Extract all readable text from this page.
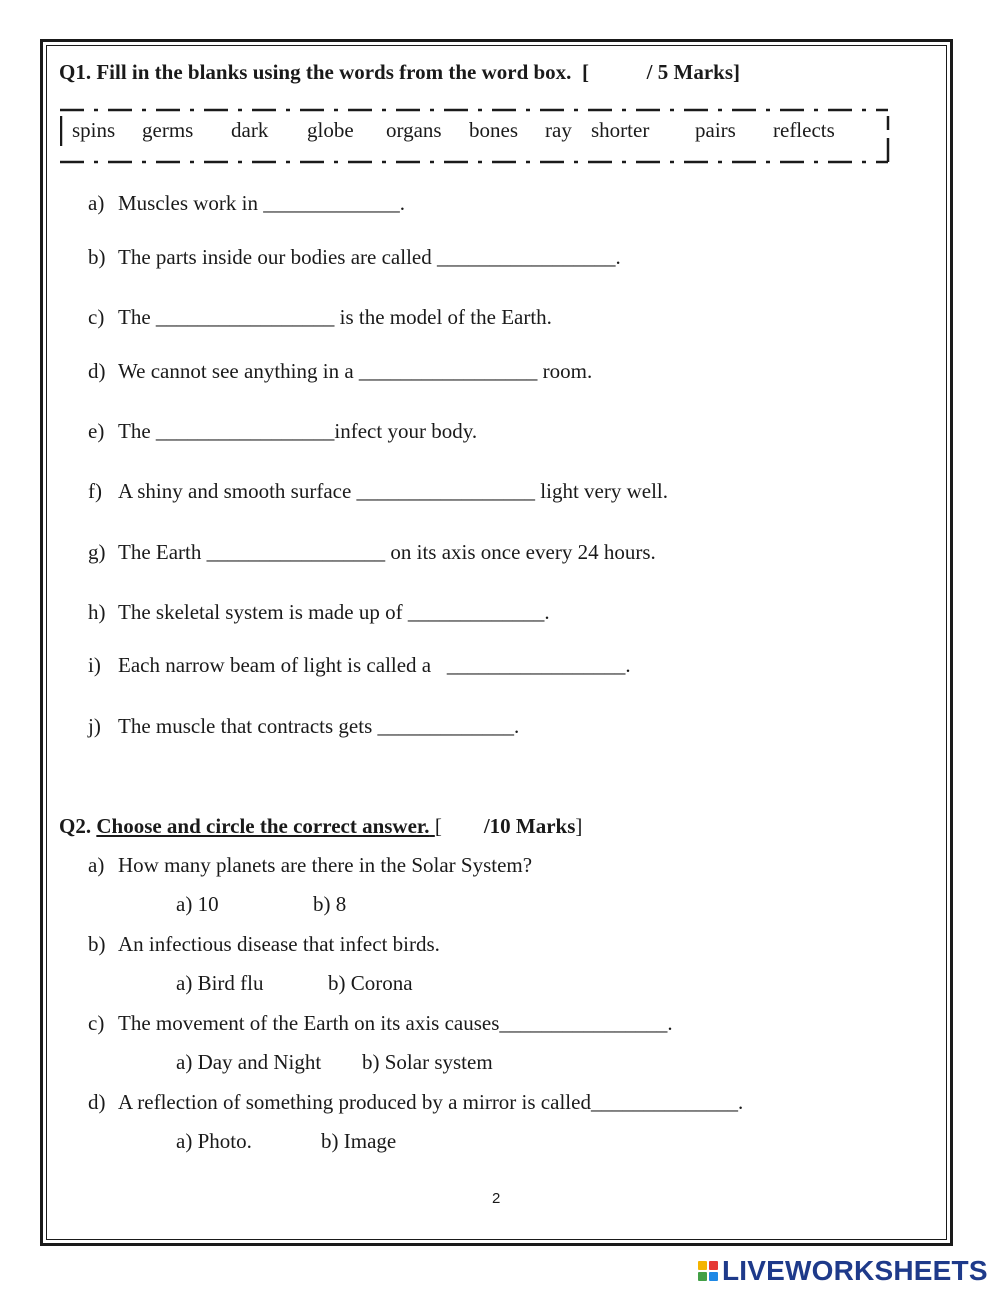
Q1. Fill in the blanks using the words from the word box. [           / 5 Marks]
spins germs dark globe organs bones ray shorter pairs reflects
a) Muscles work in _____________.
b) The parts inside our bodies are called _________________.
c) The _________________ is the model of the Earth.
d) We cannot see anything in a _________________ room.
e) The _________________infect your body.
f) A shiny and smooth surface _________________ light very well.
g) The Earth _________________ on its axis once every 24 hours.
h) The skeletal system is made up of _____________.
i) Each narrow beam of light is called a   _________________.
j) The muscle that contracts gets _____________.
Q2. Choose and circle the correct answer. [ /10 Marks]
a) How many planets are there in the Solar System?
a) 10	b) 8
b) An infectious disease that infect birds.
a) Bird flu	b) Corona
c) The movement of the Earth on its axis causes________________.
a) Day and Night b) Solar system
d) A reflection of something produced by a mirror is called______________.
a) Photo.	b) Image
2
LIVEWORKSHEETS
